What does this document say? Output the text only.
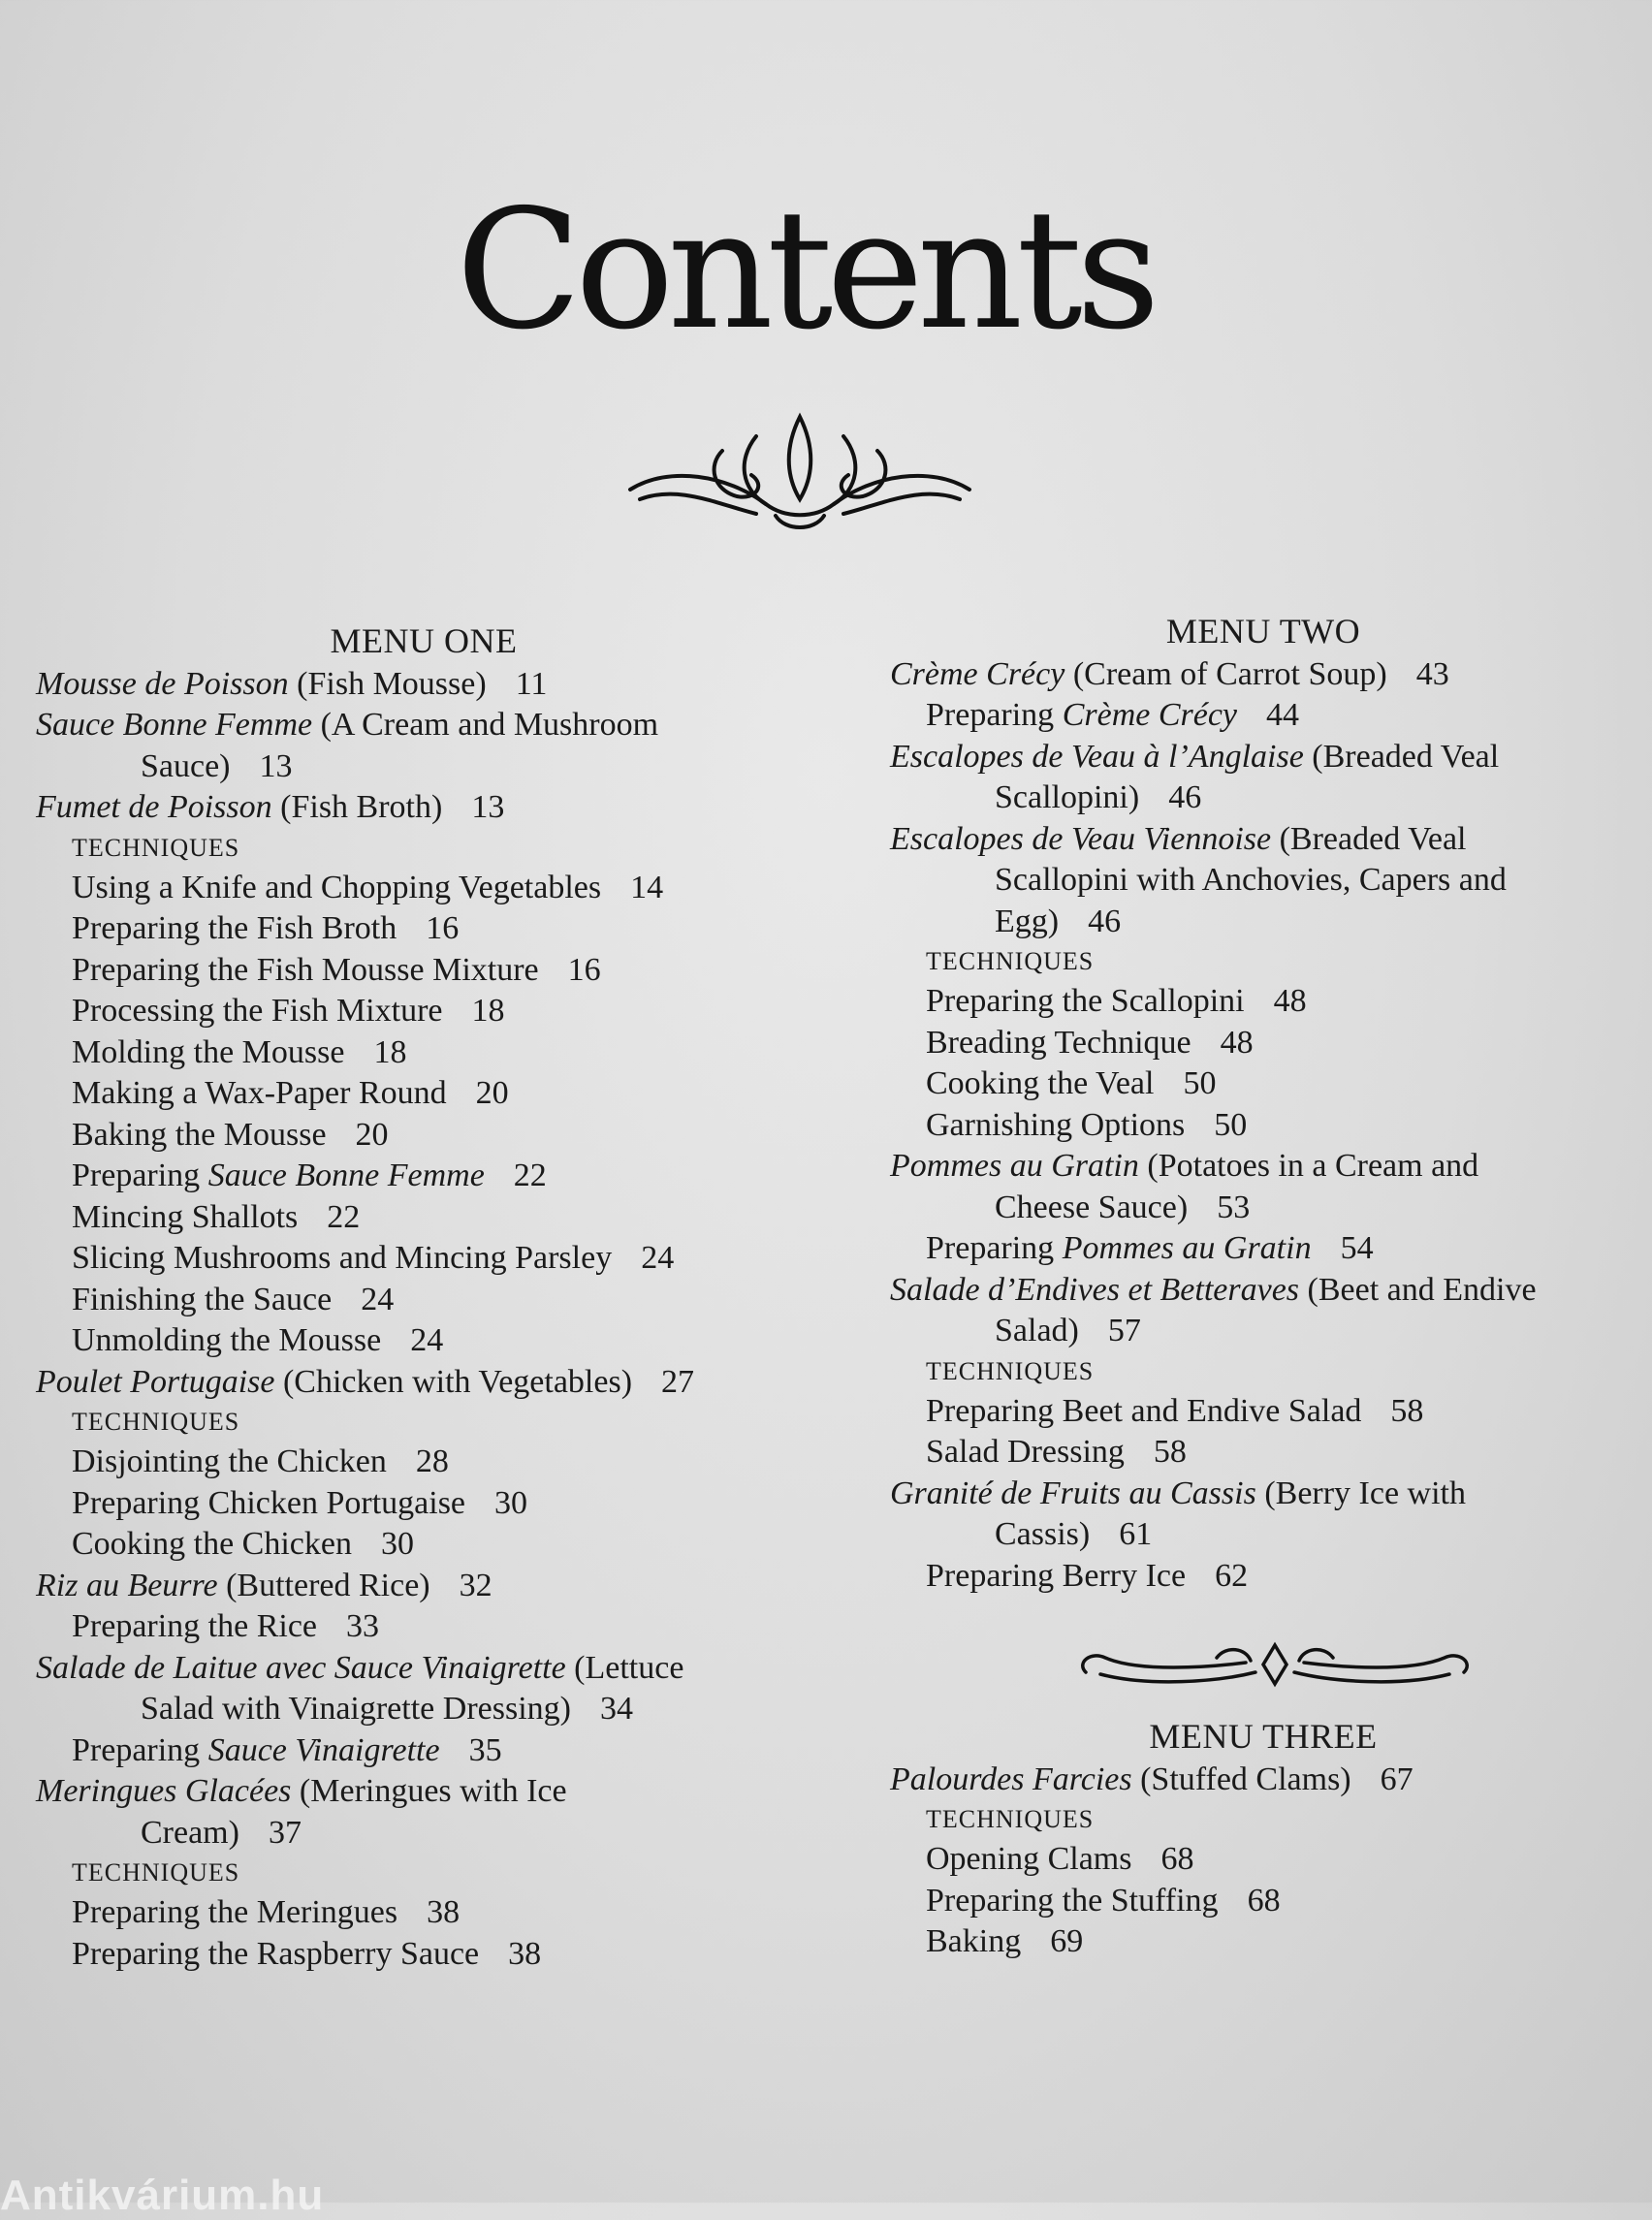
Contents
MENU ONE
Mousse de Poisson (Fish Mousse) 11
Sauce Bonne Femme (A Cream and Mushroom
Sauce) 13
Fumet de Poisson (Fish Broth) 13
TECHNIQUES
Using a Knife and Chopping Vegetables 14
Preparing the Fish Broth 16
Preparing the Fish Mousse Mixture 16
Processing the Fish Mixture 18
Molding the Mousse 18
Making a Wax-Paper Round 20
Baking the Mousse 20
Preparing Sauce Bonne Femme 22
Mincing Shallots 22
Slicing Mushrooms and Mincing Parsley 24
Finishing the Sauce 24
Unmolding the Mousse 24
Poulet Portugaise (Chicken with Vegetables) 27
TECHNIQUES
Disjointing the Chicken 28
Preparing Chicken Portugaise 30
Cooking the Chicken 30
Riz au Beurre (Buttered Rice) 32
Preparing the Rice 33
Salade de Laitue avec Sauce Vinaigrette (Lettuce
Salad with Vinaigrette Dressing) 34
Preparing Sauce Vinaigrette 35
Meringues Glacées (Meringues with Ice
Cream) 37
TECHNIQUES
Preparing the Meringues 38
Preparing the Raspberry Sauce 38
MENU TWO
Crème Crécy (Cream of Carrot Soup) 43
Preparing Crème Crécy 44
Escalopes de Veau à l’Anglaise (Breaded Veal
Scallopini) 46
Escalopes de Veau Viennoise (Breaded Veal
Scallopini with Anchovies, Capers and
Egg) 46
TECHNIQUES
Preparing the Scallopini 48
Breading Technique 48
Cooking the Veal 50
Garnishing Options 50
Pommes au Gratin (Potatoes in a Cream and
Cheese Sauce) 53
Preparing Pommes au Gratin 54
Salade d’Endives et Betteraves (Beet and Endive
Salad) 57
TECHNIQUES
Preparing Beet and Endive Salad 58
Salad Dressing 58
Granité de Fruits au Cassis (Berry Ice with
Cassis) 61
Preparing Berry Ice 62
MENU THREE
Palourdes Farcies (Stuffed Clams) 67
TECHNIQUES
Opening Clams 68
Preparing the Stuffing 68
Baking 69
Antikvárium.hu
